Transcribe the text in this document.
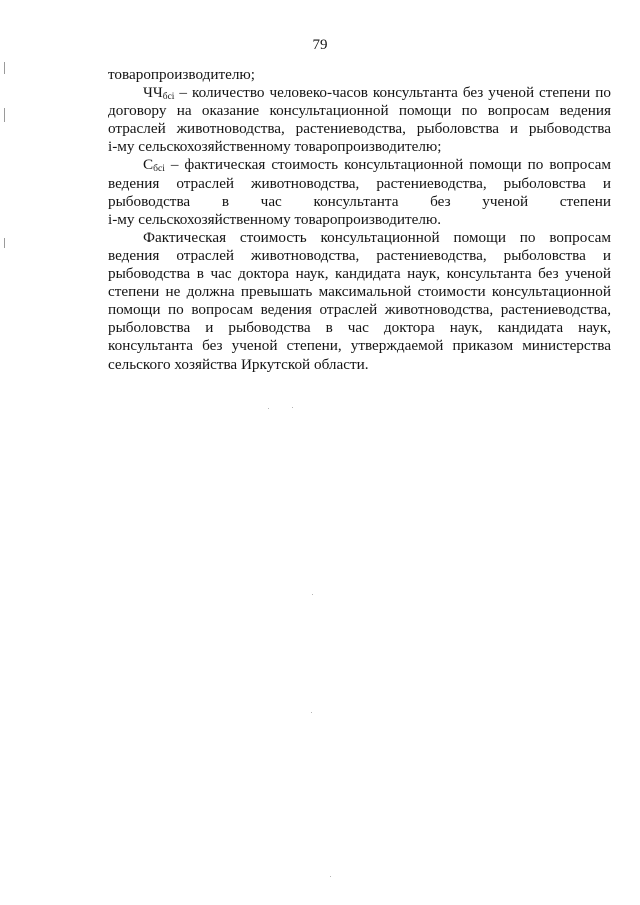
79
товаропроизводителю;
$ЧЧ_{бсi}$ – количество человеко-часов консультанта без ученой степени по
договору на оказание консультационной помощи по вопросам ведения
отраслей животноводства, растениеводства, рыболовства и рыбоводства
i-му сельскохозяйственному товаропроизводителю;
$С_{бсi}$ – фактическая стоимость консультационной помощи по вопросам
ведения отраслей животноводства, растениеводства, рыболовства и
рыбоводства в час консультанта без ученой степени
i-му сельскохозяйственному товаропроизводителю.
Фактическая стоимость консультационной помощи по вопросам
ведения отраслей животноводства, растениеводства, рыболовства и
рыбоводства в час доктора наук, кандидата наук, консультанта без ученой
степени не должна превышать максимальной стоимости консультационной
помощи по вопросам ведения отраслей животноводства, растениеводства,
рыболовства и рыбоводства в час доктора наук, кандидата наук,
консультанта без ученой степени, утверждаемой приказом министерства
сельского хозяйства Иркутской области.
